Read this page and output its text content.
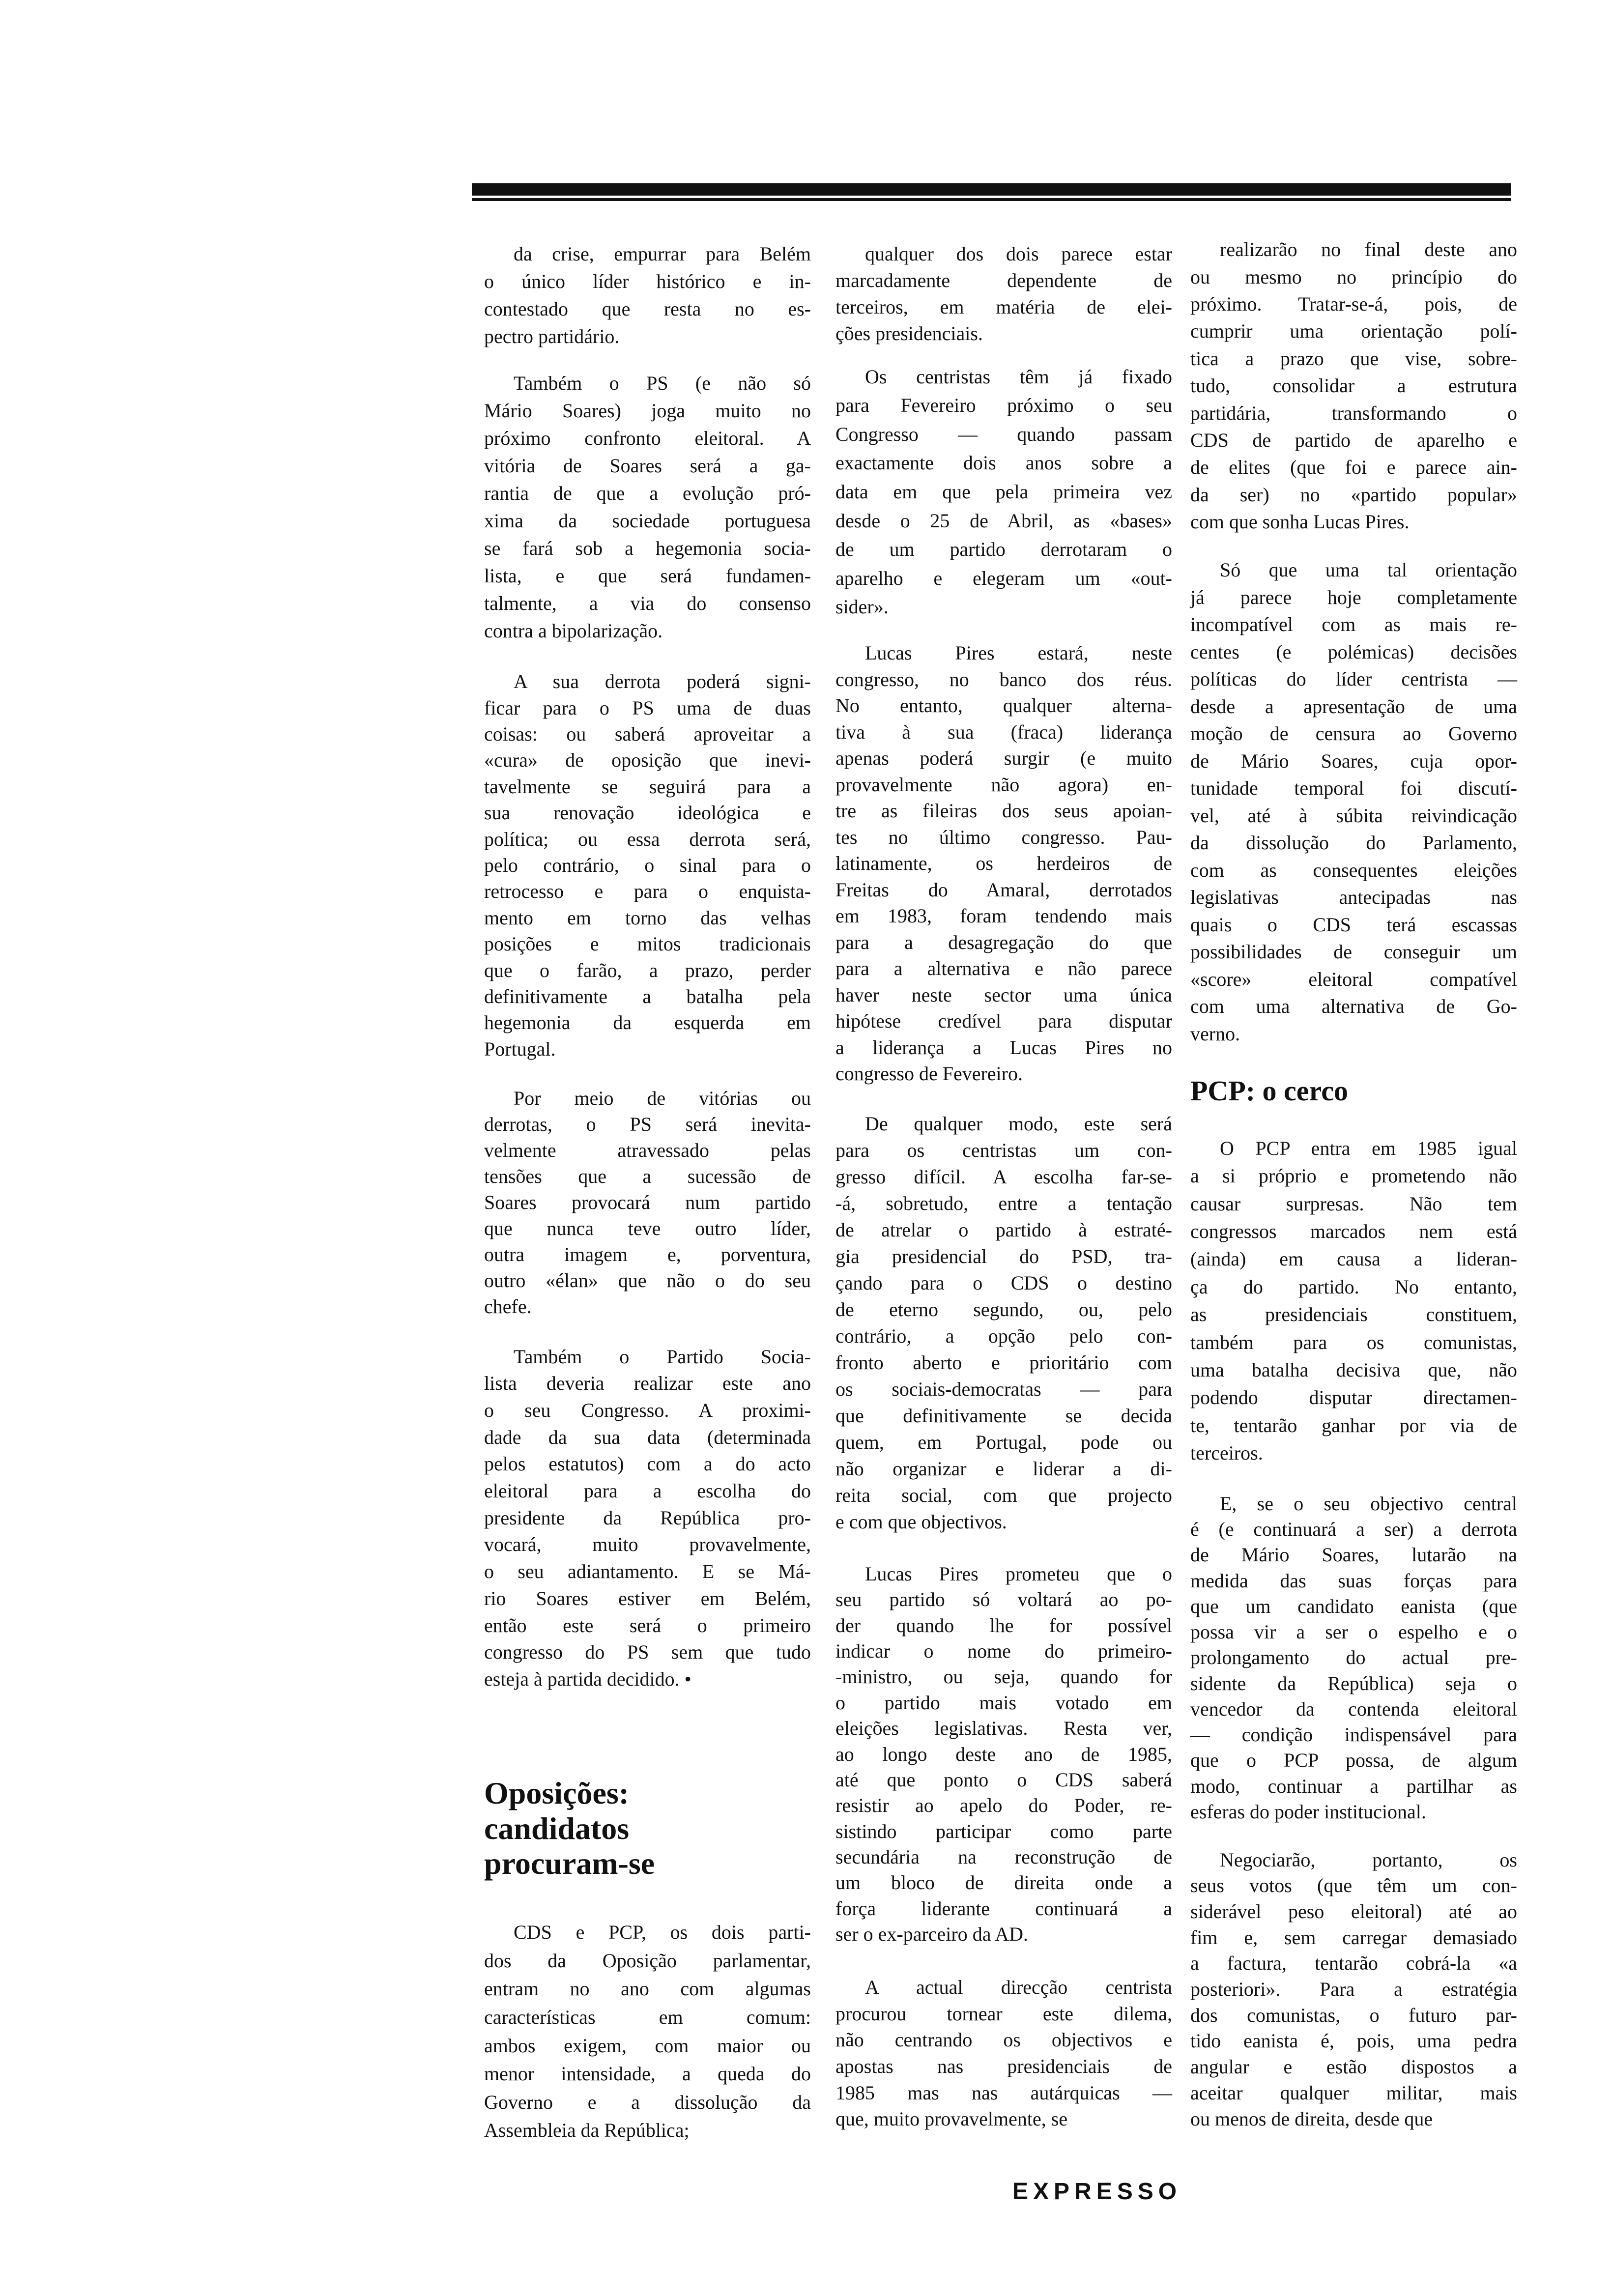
da crise, empurrar para Belém
o único líder histórico e in-
contestado que resta no es-
pectro partidário.
Também o PS (e não só
Mário Soares) joga muito no
próximo confronto eleitoral. A
vitória de Soares será a ga-
rantia de que a evolução pró-
xima da sociedade portuguesa
se fará sob a hegemonia socia-
lista, e que será fundamen-
talmente, a via do consenso
contra a bipolarização.
A sua derrota poderá signi-
ficar para o PS uma de duas
coisas: ou saberá aproveitar a
«cura» de oposição que inevi-
tavelmente se seguirá para a
sua renovação ideológica e
política; ou essa derrota será,
pelo contrário, o sinal para o
retrocesso e para o enquista-
mento em torno das velhas
posições e mitos tradicionais
que o farão, a prazo, perder
definitivamente a batalha pela
hegemonia da esquerda em
Portugal.
Por meio de vitórias ou
derrotas, o PS será inevita-
velmente atravessado pelas
tensões que a sucessão de
Soares provocará num partido
que nunca teve outro líder,
outra imagem e, porventura,
outro «élan» que não o do seu
chefe.
Também o Partido Socia-
lista deveria realizar este ano
o seu Congresso. A proximi-
dade da sua data (determinada
pelos estatutos) com a do acto
eleitoral para a escolha do
presidente da República pro-
vocará, muito provavelmente,
o seu adiantamento. E se Má-
rio Soares estiver em Belém,
então este será o primeiro
congresso do PS sem que tudo
esteja à partida decidido. •
Oposições:
candidatos
procuram-se
CDS e PCP, os dois parti-
dos da Oposição parlamentar,
entram no ano com algumas
características em comum:
ambos exigem, com maior ou
menor intensidade, a queda do
Governo e a dissolução da
Assembleia da República;
qualquer dos dois parece estar
marcadamente dependente de
terceiros, em matéria de elei-
ções presidenciais.
Os centristas têm já fixado
para Fevereiro próximo o seu
Congresso — quando passam
exactamente dois anos sobre a
data em que pela primeira vez
desde o 25 de Abril, as «bases»
de um partido derrotaram o
aparelho e elegeram um «out-
sider».
Lucas Pires estará, neste
congresso, no banco dos réus.
No entanto, qualquer alterna-
tiva à sua (fraca) liderança
apenas poderá surgir (e muito
provavelmente não agora) en-
tre as fileiras dos seus apoian-
tes no último congresso. Pau-
latinamente, os herdeiros de
Freitas do Amaral, derrotados
em 1983, foram tendendo mais
para a desagregação do que
para a alternativa e não parece
haver neste sector uma única
hipótese credível para disputar
a liderança a Lucas Pires no
congresso de Fevereiro.
De qualquer modo, este será
para os centristas um con-
gresso difícil. A escolha far-se-
-á, sobretudo, entre a tentação
de atrelar o partido à estraté-
gia presidencial do PSD, tra-
çando para o CDS o destino
de eterno segundo, ou, pelo
contrário, a opção pelo con-
fronto aberto e prioritário com
os sociais-democratas — para
que definitivamente se decida
quem, em Portugal, pode ou
não organizar e liderar a di-
reita social, com que projecto
e com que objectivos.
Lucas Pires prometeu que o
seu partido só voltará ao po-
der quando lhe for possível
indicar o nome do primeiro-
-ministro, ou seja, quando for
o partido mais votado em
eleições legislativas. Resta ver,
ao longo deste ano de 1985,
até que ponto o CDS saberá
resistir ao apelo do Poder, re-
sistindo participar como parte
secundária na reconstrução de
um bloco de direita onde a
força liderante continuará a
ser o ex-parceiro da AD.
A actual direcção centrista
procurou tornear este dilema,
não centrando os objectivos e
apostas nas presidenciais de
1985 mas nas autárquicas —
que, muito provavelmente, se
realizarão no final deste ano
ou mesmo no princípio do
próximo. Tratar-se-á, pois, de
cumprir uma orientação polí-
tica a prazo que vise, sobre-
tudo, consolidar a estrutura
partidária, transformando o
CDS de partido de aparelho e
de elites (que foi e parece ain-
da ser) no «partido popular»
com que sonha Lucas Pires.
Só que uma tal orientação
já parece hoje completamente
incompatível com as mais re-
centes (e polémicas) decisões
políticas do líder centrista —
desde a apresentação de uma
moção de censura ao Governo
de Mário Soares, cuja opor-
tunidade temporal foi discutí-
vel, até à súbita reivindicação
da dissolução do Parlamento,
com as consequentes eleições
legislativas antecipadas nas
quais o CDS terá escassas
possibilidades de conseguir um
«score» eleitoral compatível
com uma alternativa de Go-
verno.
PCP: o cerco
O PCP entra em 1985 igual
a si próprio e prometendo não
causar surpresas. Não tem
congressos marcados nem está
(ainda) em causa a lideran-
ça do partido. No entanto,
as presidenciais constituem,
também para os comunistas,
uma batalha decisiva que, não
podendo disputar directamen-
te, tentarão ganhar por via de
terceiros.
E, se o seu objectivo central
é (e continuará a ser) a derrota
de Mário Soares, lutarão na
medida das suas forças para
que um candidato eanista (que
possa vir a ser o espelho e o
prolongamento do actual pre-
sidente da República) seja o
vencedor da contenda eleitoral
— condição indispensável para
que o PCP possa, de algum
modo, continuar a partilhar as
esferas do poder institucional.
Negociarão, portanto, os
seus votos (que têm um con-
siderável peso eleitoral) até ao
fim e, sem carregar demasiado
a factura, tentarão cobrá-la «a
posteriori». Para a estratégia
dos comunistas, o futuro par-
tido eanista é, pois, uma pedra
angular e estão dispostos a
aceitar qualquer militar, mais
ou menos de direita, desde que
EXPRESSO
